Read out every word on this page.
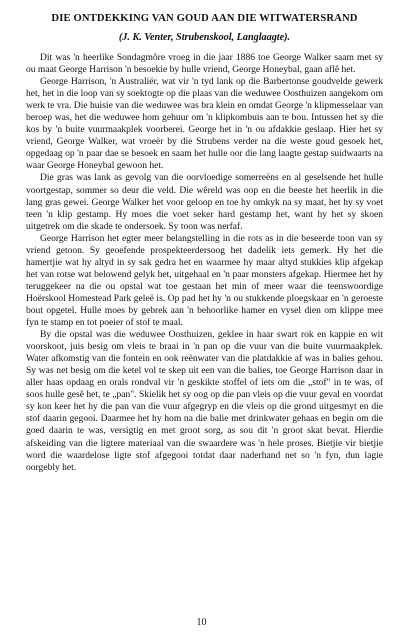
DIE ONTDEKKING VAN GOUD AAN DIE WITWATERSRAND
(J. K. Venter, Strubenskool, Langlaagte).

Dit was 'n heerlike Sondagmôre vroeg in die jaar 1886 toe George Walker saam met sy ou maat George Harrison 'n besoekie by hulle vriend, George Honeybal, gaan aflê het.

George Harrison, 'n Australiër, wat vir 'n tyd lank op die Barbertonse goudvelde gewerk het, het in die loop van sy soektogte op die plaas van die weduwee Oosthuizen aangekom om werk te vra. Die huisie van die weduwee was bra klein en omdat George 'n klipmesselaar van beroep was, het die weduwee hom gehuur om 'n klipkombuis aan te bou. Intussen het sy die kos by 'n buite vuurmaakplek voorberei. George het in 'n ou afdakkie geslaap. Hier het sy vriend, George Walker, wat vroeër by die Strubens verder na die weste goud gesoek het, opgedaag op 'n paar dae se besoek en saam het hulle oor die lang laagte gestap suidwaarts na waar George Honeybal gewoon het.

Die gras was lank as gevolg van die oorvloedige somerreëns en al geselsende het hulle voortgestap, sommer so deur die veld. Die wêreld was oop en die beeste het heerlik in die lang gras gewei. George Walker het voor geloop en toe hy omkyk na sy maat, het hy sy voet teen 'n klip gestamp. Hy moes die voet seker hard gestamp het, want hy het sy skoen uitgetrek om die skade te ondersoek. Sy toon was nerfaf.

George Harrison het egter meer belangstelling in die rots as in die beseerde toon van sy vriend getoon. Sy geoefende prospekteerdersoog het dadelik iets gemerk. Hy het die hamertjie wat hy altyd in sy sak gedra het en waarmee hy maar altyd stukkies klip afgekap het van rotse wat belowend gelyk het, uitgehaal en 'n paar monsters afgekap. Hiermee het hy teruggekeer na die ou opstal wat toe gestaan het min of meer waar die teenswoordige Hoërskool Homestead Park geleë is. Op pad het hy 'n ou stukkende ploegskaar en 'n geroeste bout opgetel. Hulle moes by gebrek aan 'n behoorlike hamer en vysel dien om klippe mee fyn te stamp en tot poeier of stof te maal.

By die opstal was die weduwee Oosthuizen, geklee in haar swart rok en kappie en wit voorskoot, juis besig om vleis te braai in 'n pan op die vuur van die buite vuurmaakplek. Water afkomstig van die fontein en ook reënwater van die platdakkie af was in balies gehou. Sy was net besig om die ketel vol te skep uit een van die balies, toe George Harrison daar in aller haas opdaag en orals rondval vir 'n geskikte stoffel of iets om die „stof" in te was, of soos hulle gesê het, te „pan". Skielik het sy oog op die pan vleis op die vuur geval en voordat sy kon keer het hy die pan van die vuur afgegryp en die vleis op die grond uitgesmyt en die stof daarin gegooi. Daarmee het hy hom na die balie met drinkwater gehaas en begin om die goed daarin te was, versigtig en met groot sorg, as sou dit 'n groot skat bevat. Hierdie afskeiding van die ligtere materiaal van die swaardere was 'n hele proses. Bietjie vir bietjie word die waardelose ligte stof afgegooi totdat daar naderhand net so 'n fyn, dun lagie oorgebly het.

10
